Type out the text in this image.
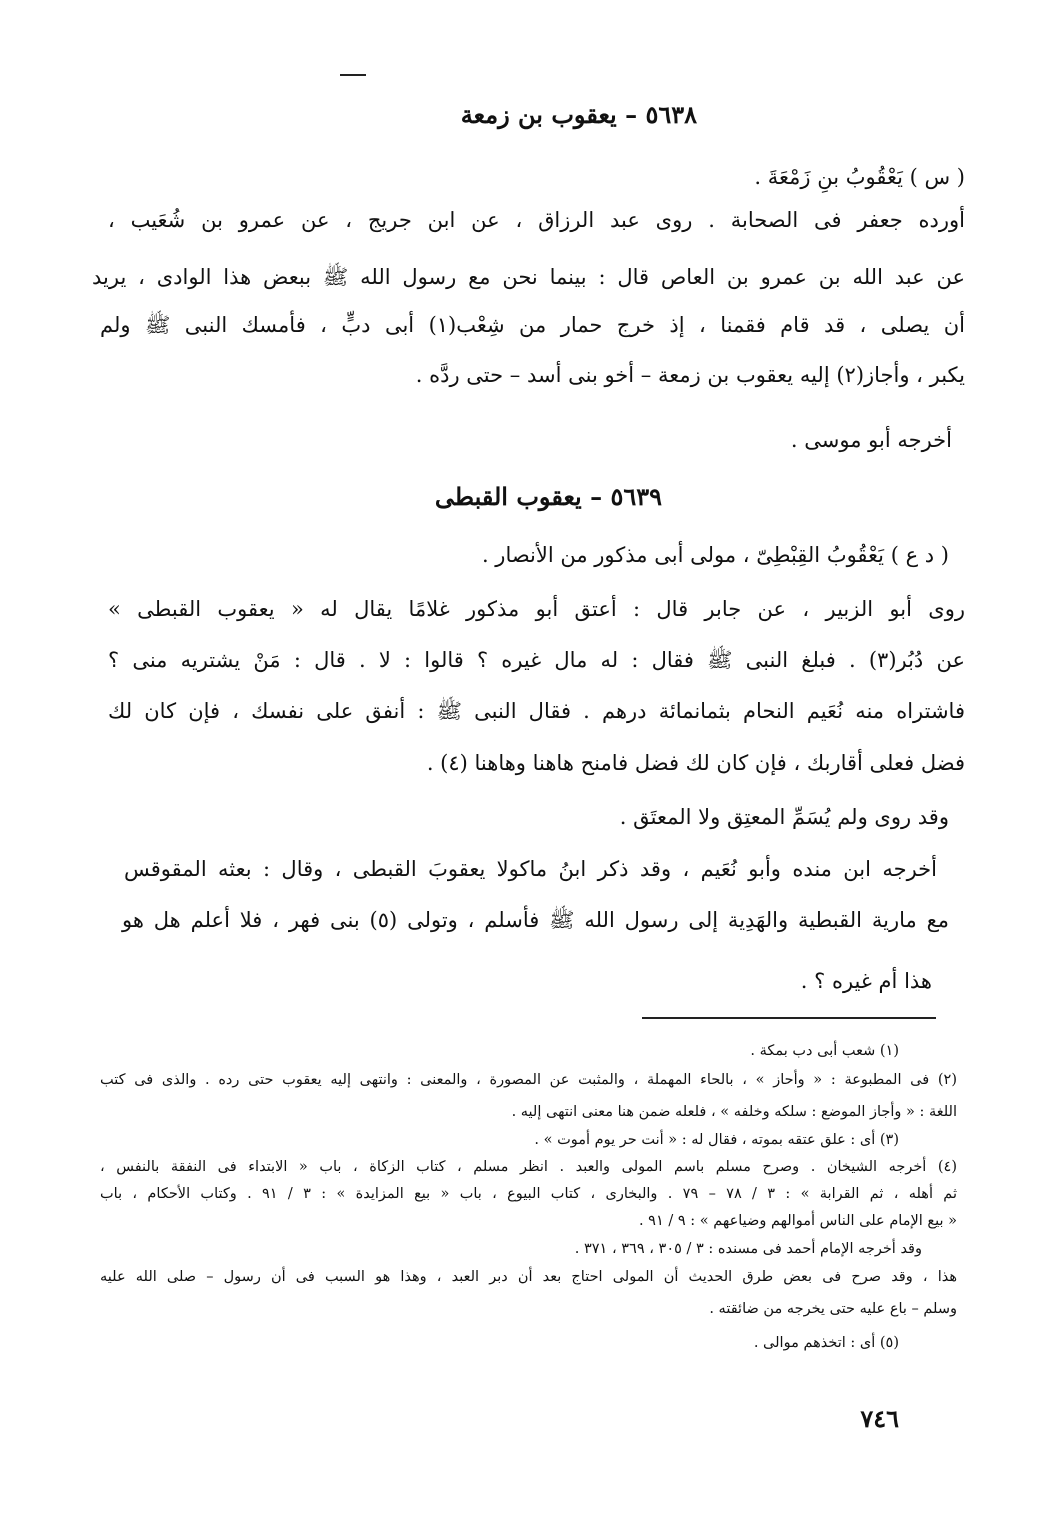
٥٦٣٨ – يعقوب بن زمعة
( س ) يَعْقُوبُ بنِ زَمْعَةَ .
أورده جعفر فى الصحابة . روى عبد الرزاق ، عن ابن جريج ، عن عمرو بن شُعَيب ،
عن عبد الله بن عمرو بن العاص قال : بينما نحن مع رسول الله ﷺ ببعض هذا الوادى ، يريد
أن يصلى ، قد قام فقمنا ، إذ خرج حمار من شِعْب(١) أبى دبٍّ ، فأمسك النبى ﷺ ولم
يكبر ، وأجاز(٢) إليه يعقوب بن زمعة – أخو بنى أسد – حتى ردَّه .
أخرجه أبو موسى .
٥٦٣٩ – يعقوب القبطى
( د ع ) يَعْقُوبُ القِبْطِىّ ، مولى أبى مذكور من الأنصار .
روى أبو الزبير ، عن جابر قال : أعتق أبو مذكور غلامًا يقال له « يعقوب القبطى »
عن دُبُر(٣) . فبلغ النبى ﷺ فقال : له مال غيره ؟ قالوا : لا . قال : مَنْ يشتريه منى ؟
فاشتراه منه نُعَيم النحام بثمانمائة درهم . فقال النبى ﷺ : أنفق على نفسك ، فإن كان لك
فضل فعلى أقاربك ، فإن كان لك فضل فامنح هاهنا وهاهنا (٤) .
وقد روى ولم يُسَمِّ المعتِق ولا المعتَق .
أخرجه ابن منده وأبو نُعَيم ، وقد ذكر ابنُ ماكولا يعقوبَ القبطى ، وقال : بعثه المقوقس
مع مارية القبطية والهَدِية إلى رسول الله ﷺ فأسلم ، وتولى (٥) بنى فهر ، فلا أعلم هل هو
هذا أم غيره ؟ .
(١) شعب أبى دب بمكة .
(٢) فى المطبوعة : « وأحاز » ، بالحاء المهملة ، والمثبت عن المصورة ، والمعنى : وانتهى إليه يعقوب حتى رده . والذى فى كتب
اللغة : « وأجاز الموضع : سلكه وخلفه » ، فلعله ضمن هنا معنى انتهى إليه .
(٣) أى : علق عتقه بموته ، فقال له : « أنت حر يوم أموت » .
(٤) أخرجه الشيخان . وصرح مسلم باسم المولى والعبد . انظر مسلم ، كتاب الزكاة ، باب « الابتداء فى النفقة بالنفس ،
ثم أهله ، ثم القرابة » : ٣ / ٧٨ – ٧٩ . والبخارى ، كتاب البيوع ، باب « بيع المزايدة » : ٣ / ٩١ . وكتاب الأحكام ، باب
« بيع الإمام على الناس أموالهم وضياعهم » : ٩ / ٩١ .
وقد أخرجه الإمام أحمد فى مسنده : ٣ / ٣٠٥ ، ٣٦٩ ، ٣٧١ .
هذا ، وقد صرح فى بعض طرق الحديث أن المولى احتاج بعد أن دبر العبد ، وهذا هو السبب فى أن رسول – صلى الله عليه
وسلم – باع عليه حتى يخرجه من ضائقته .
(٥) أى : اتخذهم موالى .
٧٤٦
